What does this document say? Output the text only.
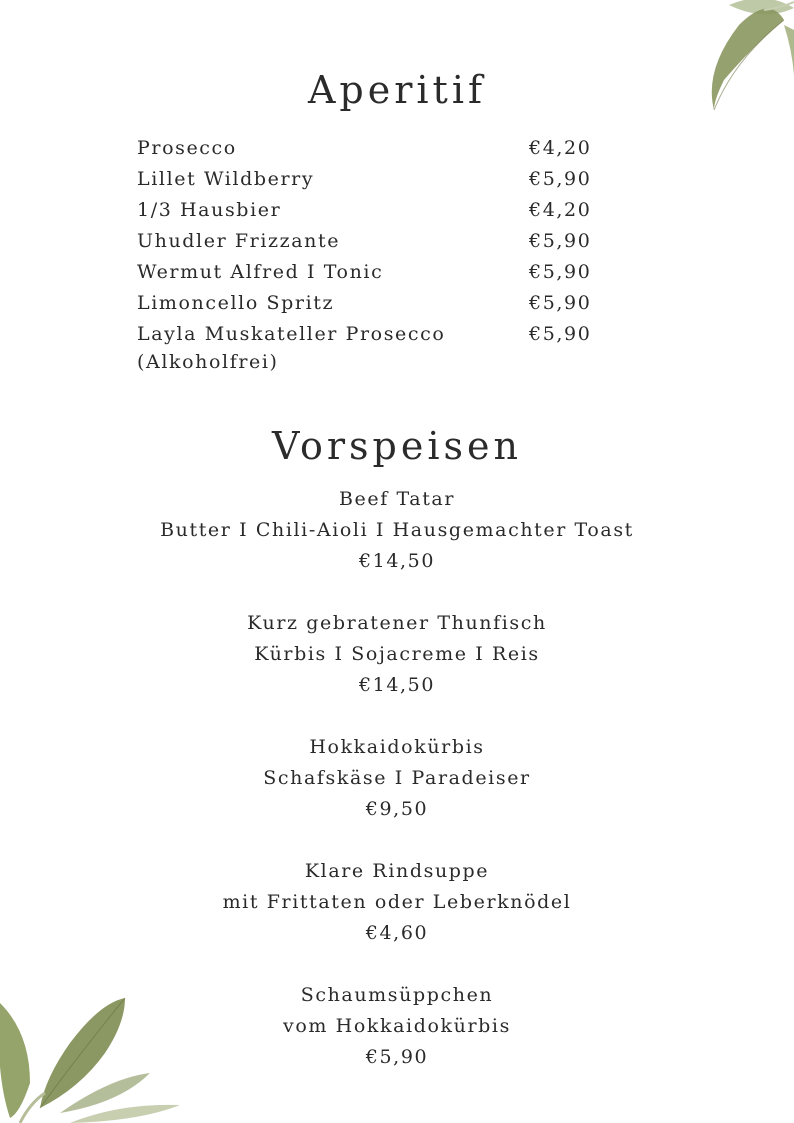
Aperitif
Prosecco	€4,20
Lillet Wildberry	€5,90
1/3 Hausbier	€4,20
Uhudler Frizzante	€5,90
Wermut Alfred I Tonic	€5,90
Limoncello Spritz	€5,90
Layla Muskateller Prosecco	€5,90
(Alkoholfrei)
Vorspeisen
Beef Tatar
Butter I Chili-Aioli I Hausgemachter Toast
€14,50
Kurz gebratener Thunfisch
Kürbis I Sojacreme I Reis
€14,50
Hokkaidokürbis
Schafskäse I Paradeiser
€9,50
Klare Rindsuppe
mit Frittaten oder Leberknödel
€4,60
Schaumsüppchen
vom Hokkaidokürbis
€5,90
